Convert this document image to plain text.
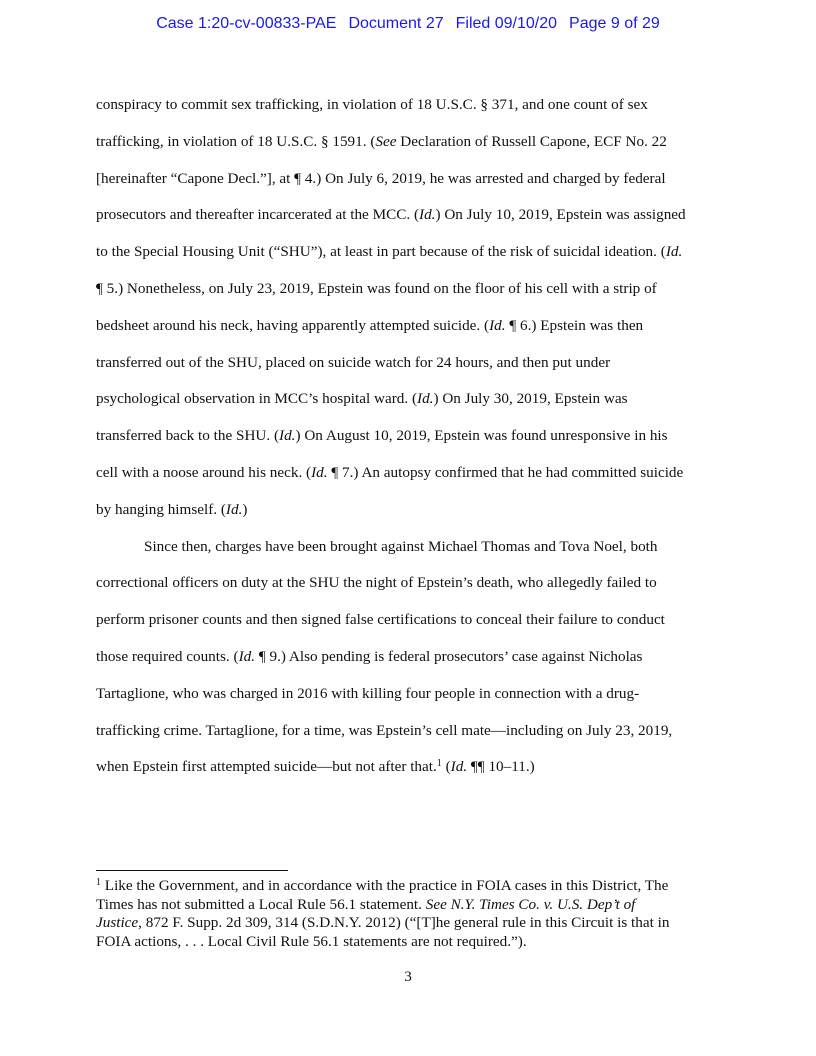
Case 1:20-cv-00833-PAE Document 27 Filed 09/10/20 Page 9 of 29
conspiracy to commit sex trafficking, in violation of 18 U.S.C. § 371, and one count of sex
trafficking, in violation of 18 U.S.C. § 1591. (See Declaration of Russell Capone, ECF No. 22
[hereinafter “Capone Decl.”], at ¶ 4.) On July 6, 2019, he was arrested and charged by federal
prosecutors and thereafter incarcerated at the MCC. (Id.) On July 10, 2019, Epstein was assigned
to the Special Housing Unit (“SHU”), at least in part because of the risk of suicidal ideation. (Id.
¶ 5.) Nonetheless, on July 23, 2019, Epstein was found on the floor of his cell with a strip of
bedsheet around his neck, having apparently attempted suicide. (Id. ¶ 6.) Epstein was then
transferred out of the SHU, placed on suicide watch for 24 hours, and then put under
psychological observation in MCC’s hospital ward. (Id.) On July 30, 2019, Epstein was
transferred back to the SHU. (Id.) On August 10, 2019, Epstein was found unresponsive in his
cell with a noose around his neck. (Id. ¶ 7.) An autopsy confirmed that he had committed suicide
by hanging himself. (Id.)
Since then, charges have been brought against Michael Thomas and Tova Noel, both
correctional officers on duty at the SHU the night of Epstein’s death, who allegedly failed to
perform prisoner counts and then signed false certifications to conceal their failure to conduct
those required counts. (Id. ¶ 9.) Also pending is federal prosecutors’ case against Nicholas
Tartaglione, who was charged in 2016 with killing four people in connection with a drug-
trafficking crime. Tartaglione, for a time, was Epstein’s cell mate—including on July 23, 2019,
when Epstein first attempted suicide—but not after that.$^1$ (Id. ¶¶ 10–11.)
$^1$ Like the Government, and in accordance with the practice in FOIA cases in this District, The
Times has not submitted a Local Rule 56.1 statement. See N.Y. Times Co. v. U.S. Dep’t of
Justice, 872 F. Supp. 2d 309, 314 (S.D.N.Y. 2012) (“[T]he general rule in this Circuit is that in
FOIA actions, . . . Local Civil Rule 56.1 statements are not required.”).
3
